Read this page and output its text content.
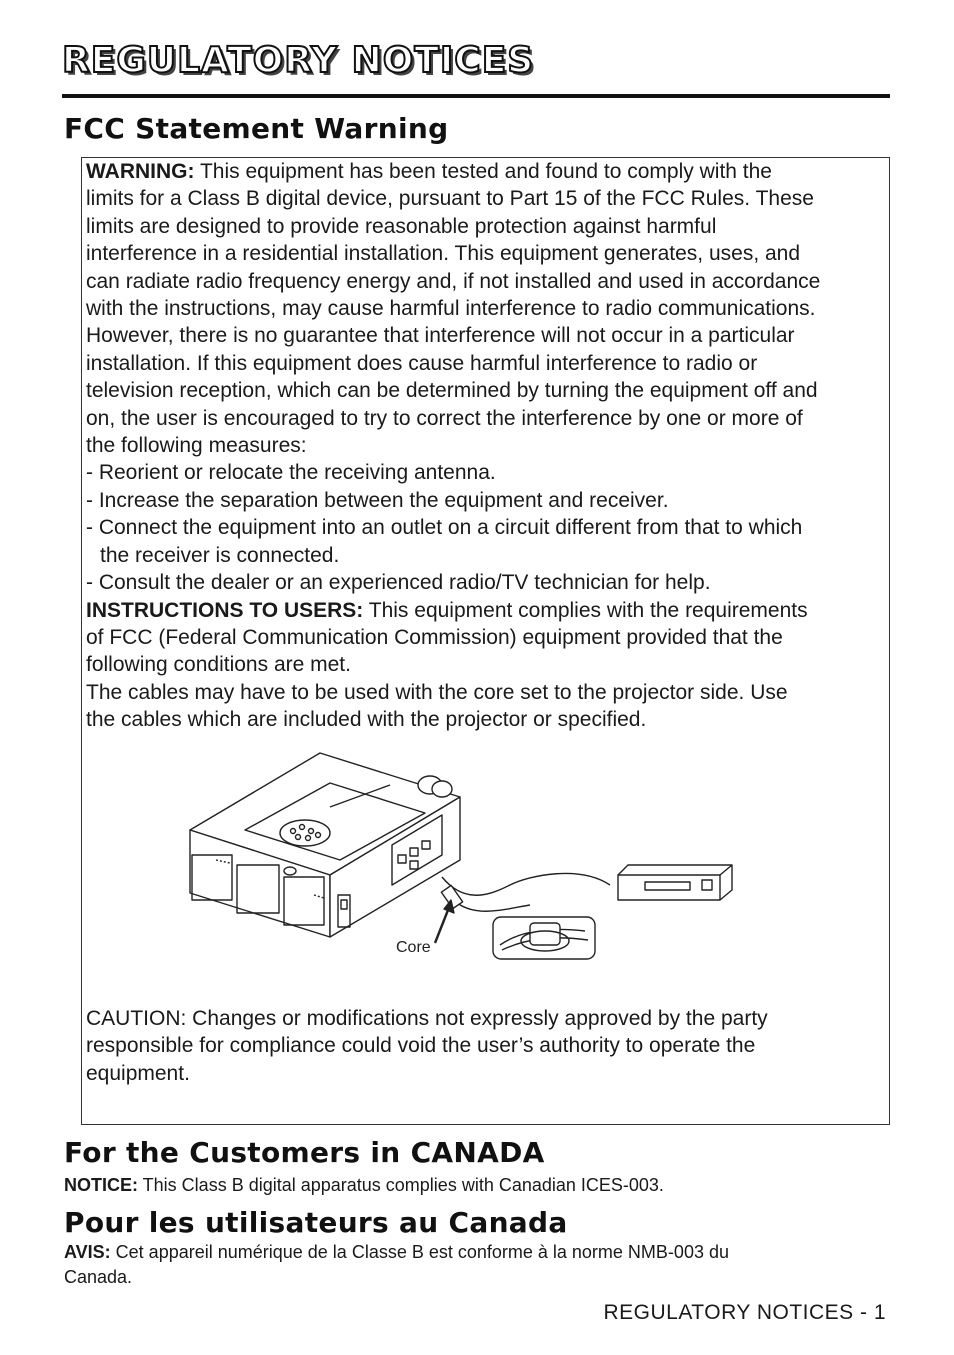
REGULATORY NOTICES
FCC Statement Warning
WARNING: This equipment has been tested and found to comply with the
limits for a Class B digital device, pursuant to Part 15 of the FCC Rules. These
limits are designed to provide reasonable protection against harmful
interference in a residential installation. This equipment generates, uses, and
can radiate radio frequency energy and, if not installed and used in accordance
with the instructions, may cause harmful interference to radio communications.
However, there is no guarantee that interference will not occur in a particular
installation. If this equipment does cause harmful interference to radio or
television reception, which can be determined by turning the equipment off and
on, the user is encouraged to try to correct the interference by one or more of
the following measures:
- Reorient or relocate the receiving antenna.
- Increase the separation between the equipment and receiver.
- Connect the equipment into an outlet on a circuit different from that to which
the receiver is connected.
- Consult the dealer or an experienced radio/TV technician for help.
INSTRUCTIONS TO USERS: This equipment complies with the requirements
of FCC (Federal Communication Commission) equipment provided that the
following conditions are met.
The cables may have to be used with the core set to the projector side. Use
the cables which are included with the projector or specified.
Core
CAUTION: Changes or modifications not expressly approved by the party
responsible for compliance could void the user’s authority to operate the
equipment.
For the Customers in CANADA
NOTICE: This Class B digital apparatus complies with Canadian ICES-003.
Pour les utilisateurs au Canada
AVIS: Cet appareil numérique de la Classe B est conforme à la norme NMB-003 du
Canada.

REGULATORY NOTICES - 1
